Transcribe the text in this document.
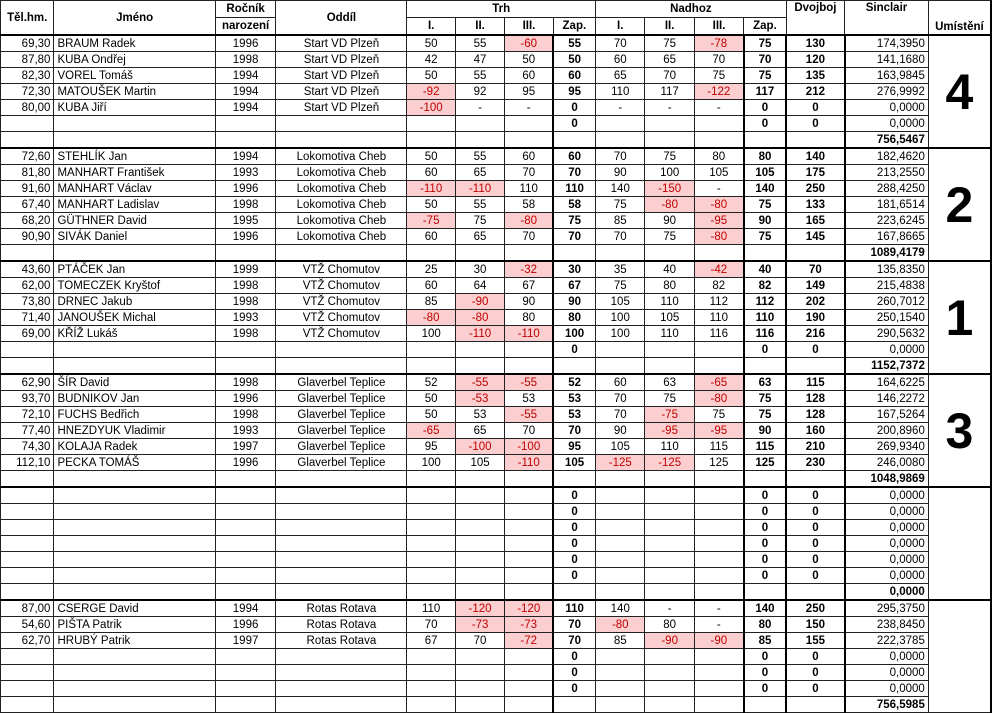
Těl.hm.	Jméno	Ročník	Oddíl	Trh				Nadhoz				Dvojboj	Sinclair	Umístění
		narození		I.	II.	III.	Zap.	I.	II.	III.	Zap.			
69,30	BRAUM Radek	1996	Start VD Plzeň	50	55	-60	55	70	75	-78	75	130	174,3950	4
87,80	KUBA Ondřej	1998	Start VD Plzeň	42	47	50	50	60	65	70	70	120	141,1680	
82,30	VOREL Tomáš	1994	Start VD Plzeň	50	55	60	60	65	70	75	75	135	163,9845	
72,30	MATOUŠEK Martin	1994	Start VD Plzeň	-92	92	95	95	110	117	-122	117	212	276,9992	
80,00	KUBA Jiří	1994	Start VD Plzeň	-100	-	-	0	-	-	-	0	0	0,0000	
							0				0	0	0,0000	
													756,5467	
72,60	STEHLÍK Jan	1994	Lokomotiva Cheb	50	55	60	60	70	75	80	80	140	182,4620	2
81,80	MANHART František	1993	Lokomotiva Cheb	60	65	70	70	90	100	105	105	175	213,2550	
91,60	MANHART Václav	1996	Lokomotiva Cheb	-110	-110	110	110	140	-150	-	140	250	288,4250	
67,40	MANHART Ladislav	1998	Lokomotiva Cheb	50	55	58	58	75	-80	-80	75	133	181,6514	
68,20	GÜTHNER David	1995	Lokomotiva Cheb	-75	75	-80	75	85	90	-95	90	165	223,6245	
90,90	SIVÁK Daniel	1996	Lokomotiva Cheb	60	65	70	70	70	75	-80	75	145	167,8665	
													1089,4179	
43,60	PTÁČEK Jan	1999	VTŽ Chomutov	25	30	-32	30	35	40	-42	40	70	135,8350	1
62,00	TOMECZEK Kryštof	1998	VTŽ Chomutov	60	64	67	67	75	80	82	82	149	215,4838	
73,80	DRNEC Jakub	1998	VTŽ Chomutov	85	-90	90	90	105	110	112	112	202	260,7012	
71,40	JANOUŠEK Michal	1993	VTŽ Chomutov	-80	-80	80	80	100	105	110	110	190	250,1540	
69,00	KŘÍŽ Lukáš	1998	VTŽ Chomutov	100	-110	-110	100	100	110	116	116	216	290,5632	
							0				0	0	0,0000	
													1152,7372	
62,90	ŠÍR David	1998	Glaverbel Teplice	52	-55	-55	52	60	63	-65	63	115	164,6225	3
93,70	BUDNIKOV Jan	1996	Glaverbel Teplice	50	-53	53	53	70	75	-80	75	128	146,2272	
72,10	FUCHS Bedřich	1998	Glaverbel Teplice	50	53	-55	53	70	-75	75	75	128	167,5264	
77,40	HNEZDYUK Vladimir	1993	Glaverbel Teplice	-65	65	70	70	90	-95	-95	90	160	200,8960	
74,30	KOLAJA Radek	1997	Glaverbel Teplice	95	-100	-100	95	105	110	115	115	210	269,9340	
112,10	PECKA TOMÁŠ	1996	Glaverbel Teplice	100	105	-110	105	-125	-125	125	125	230	246,0080	
													1048,9869	
							0				0	0	0,0000	
							0				0	0	0,0000	
							0				0	0	0,0000	
							0				0	0	0,0000	
							0				0	0	0,0000	
							0				0	0	0,0000	
													0,0000	
87,00	CSERGE David	1994	Rotas Rotava	110	-120	-120	110	140	-	-	140	250	295,3750	
54,60	PIŠTA Patrik	1996	Rotas Rotava	70	-73	-73	70	-80	80	-	80	150	238,8450	
62,70	HRUBÝ Patrik	1997	Rotas Rotava	67	70	-72	70	85	-90	-90	85	155	222,3785	
							0				0	0	0,0000	
							0				0	0	0,0000	
							0				0	0	0,0000	
													756,5985	
